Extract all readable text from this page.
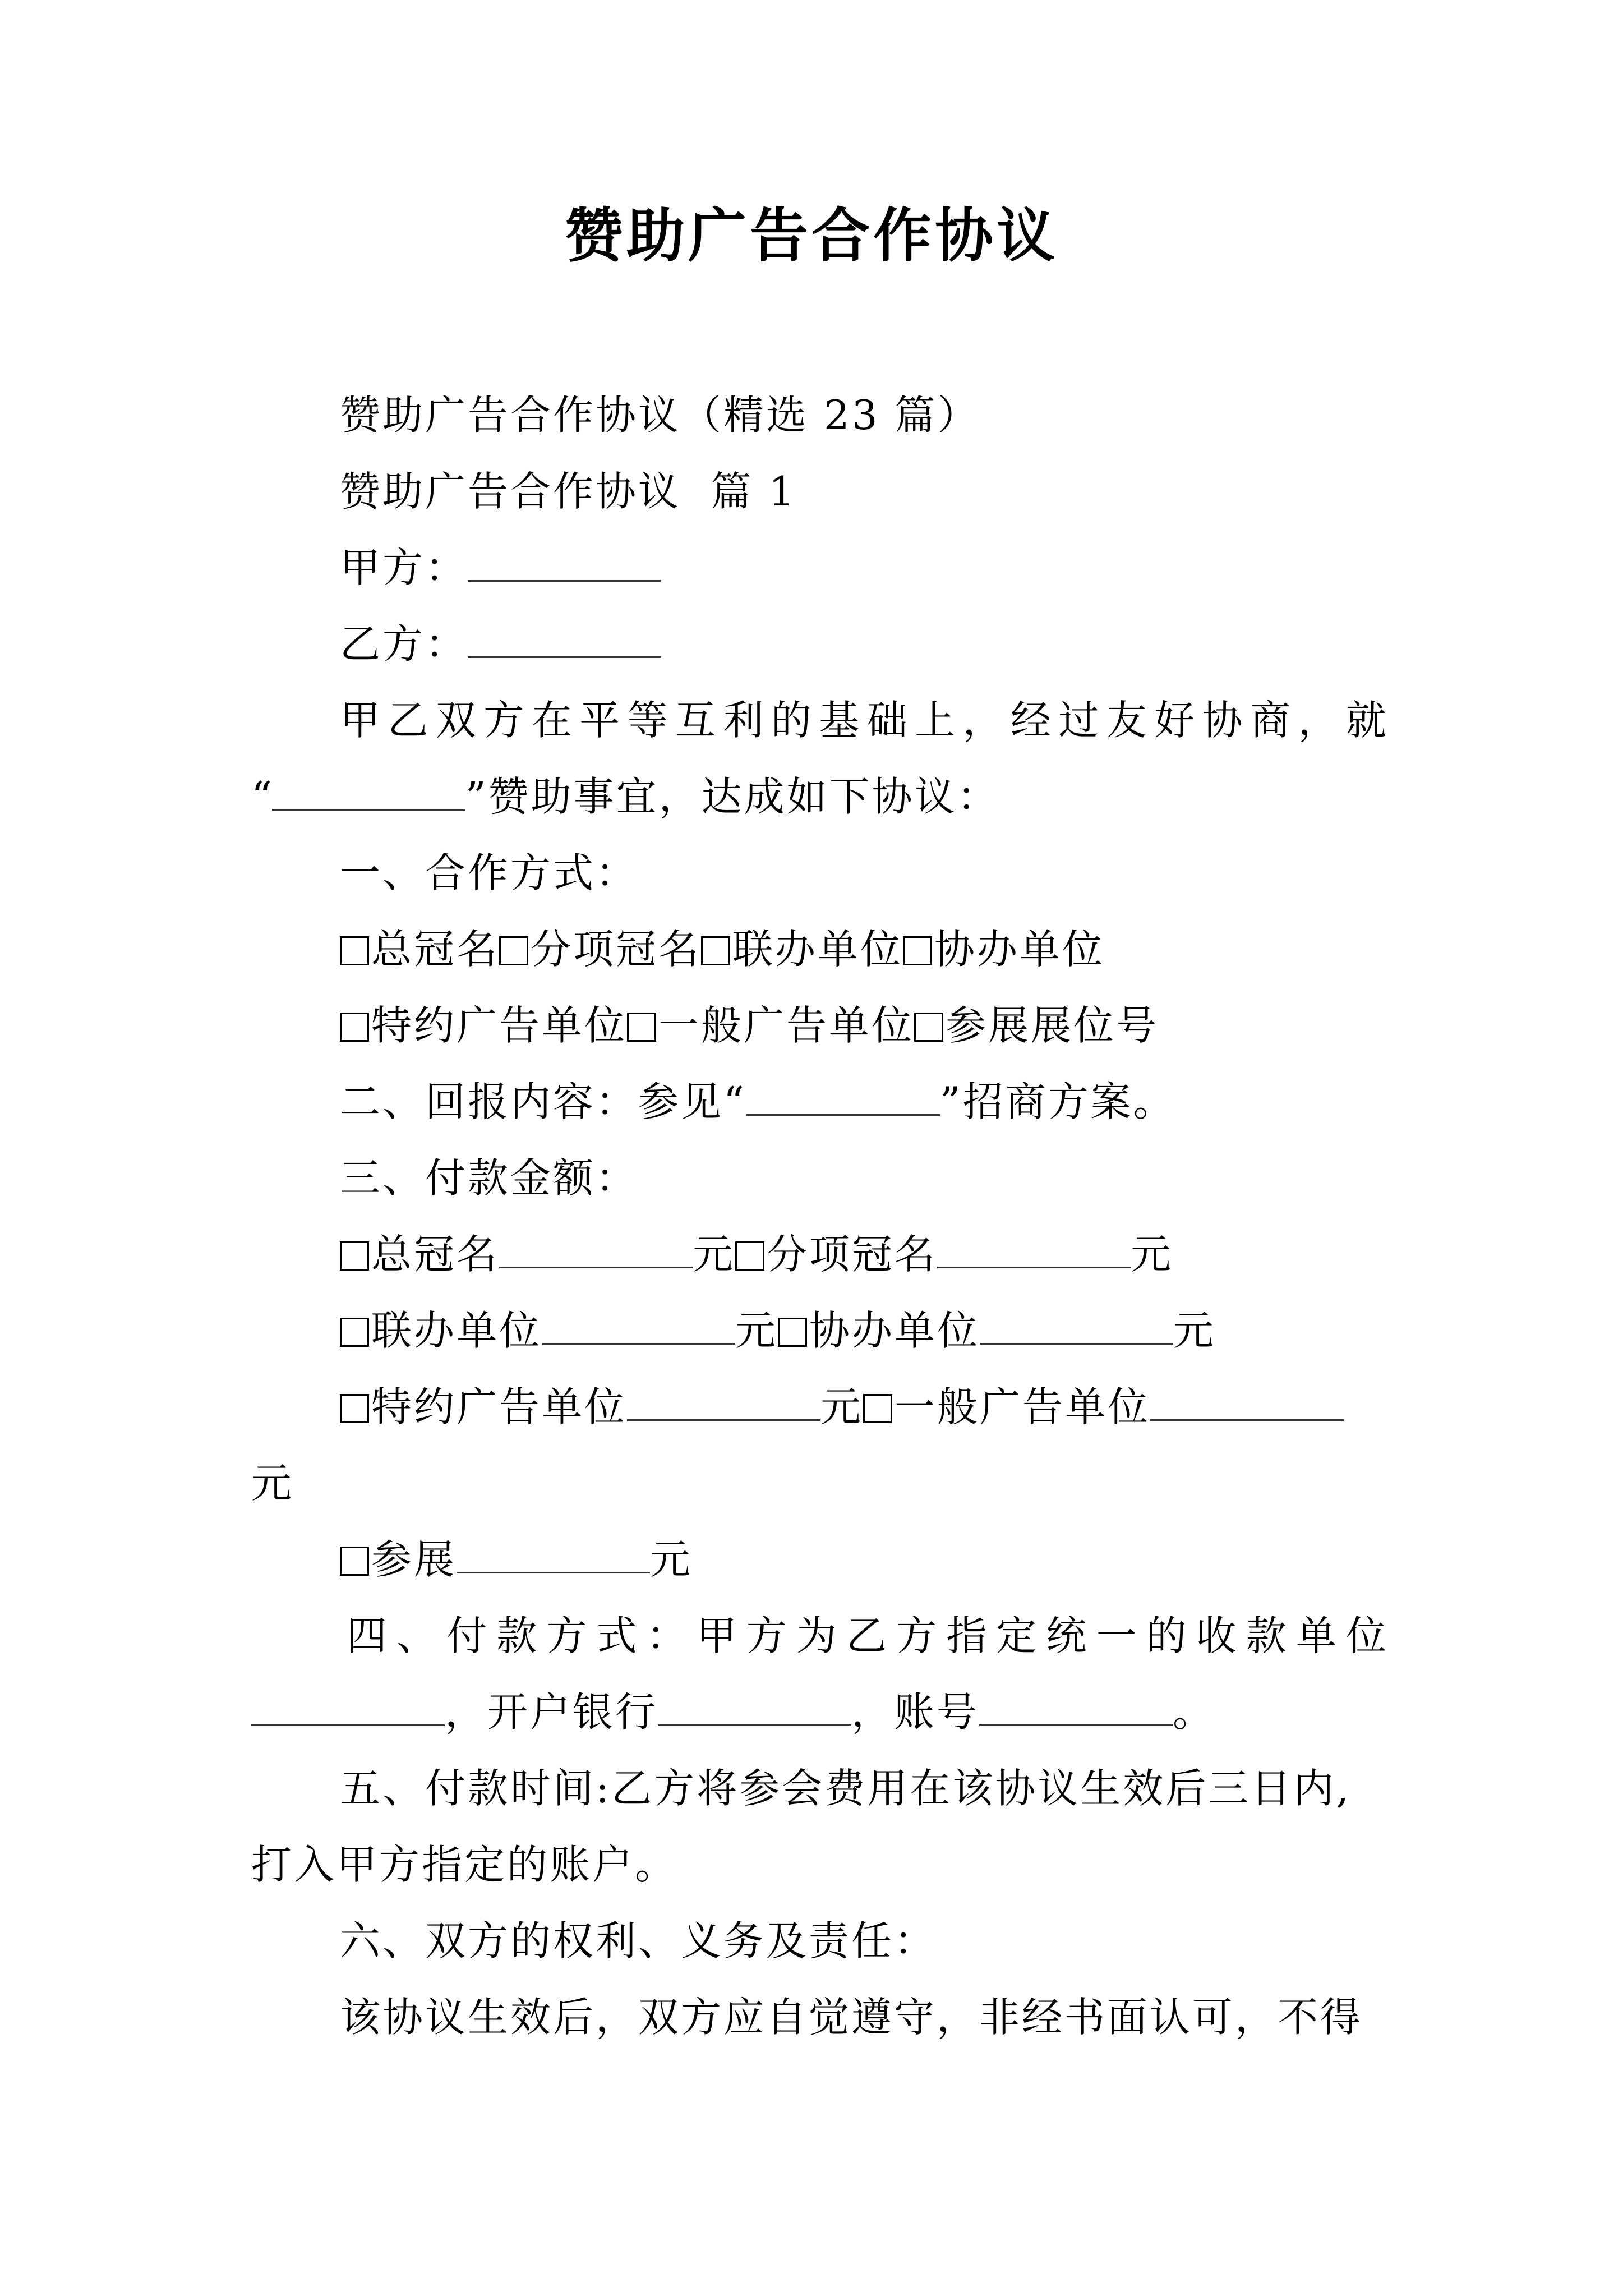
赞助广告合作协议

赞助广告合作协议（精选 23 篇）

赞助广告合作协议  篇 1

甲方：

乙方：

甲乙双方在平等互利的基础上，经过友好协商，就

“	”赞助事宜，达成如下协议：

一、合作方式：

总冠名 分项冠名 联办单位 协办单位

特约广告单位 一般广告单位 参展展位号

二、回报内容：参见“	”招商方案。

三、付款金额：

总冠名	元 分项冠名	元

联办单位	元 协办单位	元

特约广告单位	元 一般广告单位

元

参展	元

四、付款方式：甲方为乙方指定统一的收款单位

，开户银行	，账号	。

五、付款时间:乙方将参会费用在该协议生效后三日内,

打入甲方指定的账户。

六、双方的权利、义务及责任：

该协议生效后，双方应自觉遵守，非经书面认可，不得
